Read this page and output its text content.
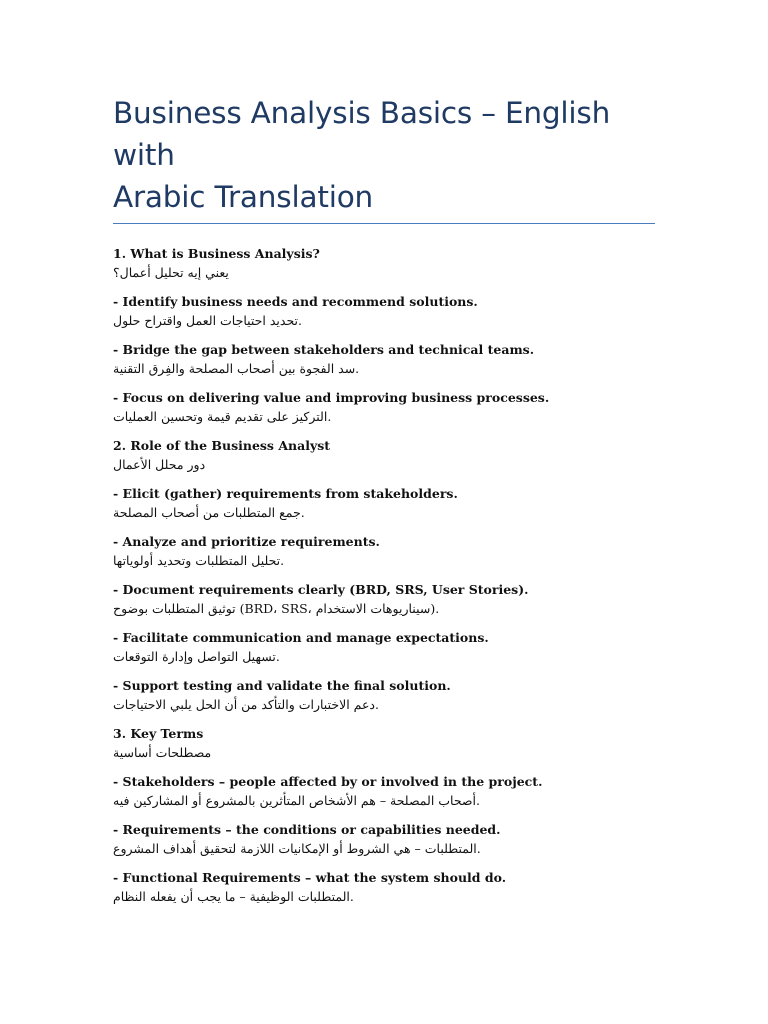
Business Analysis Basics – English with
Arabic Translation

1. What is Business Analysis?
يعني إيه تحليل أعمال؟

- Identify business needs and recommend solutions.
تحديد احتياجات العمل واقتراح حلول.

- Bridge the gap between stakeholders and technical teams.
سد الفجوة بين أصحاب المصلحة والفِرق التقنية.

- Focus on delivering value and improving business processes.
التركيز على تقديم قيمة وتحسين العمليات.

2. Role of the Business Analyst
دور محلل الأعمال

- Elicit (gather) requirements from stakeholders.
جمع المتطلبات من أصحاب المصلحة.

- Analyze and prioritize requirements.
تحليل المتطلبات وتحديد أولوياتها.

- Document requirements clearly (BRD, SRS, User Stories).
توثيق المتطلبات بوضوح (BRD، SRS، سيناريوهات الاستخدام).

- Facilitate communication and manage expectations.
تسهيل التواصل وإدارة التوقعات.

- Support testing and validate the final solution.
دعم الاختبارات والتأكد من أن الحل يلبي الاحتياجات.

3. Key Terms
مصطلحات أساسية

- Stakeholders – people affected by or involved in the project.
أصحاب المصلحة – هم الأشخاص المتأثرين بالمشروع أو المشاركين فيه.

- Requirements – the conditions or capabilities needed.
المتطلبات – هي الشروط أو الإمكانيات اللازمة لتحقيق أهداف المشروع.

- Functional Requirements – what the system should do.
المتطلبات الوظيفية – ما يجب أن يفعله النظام.
